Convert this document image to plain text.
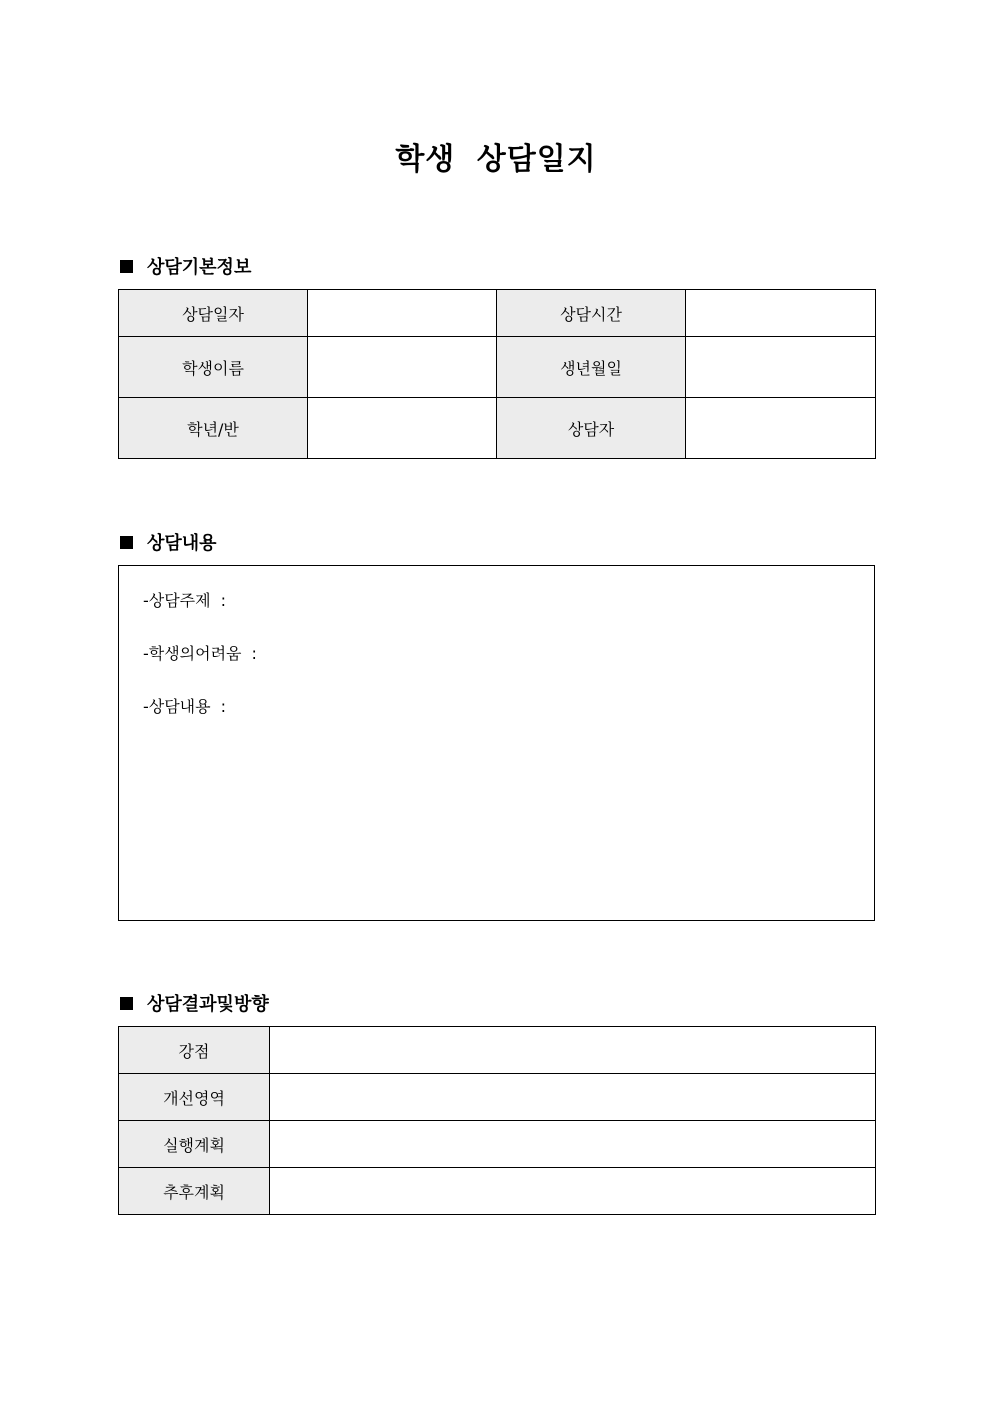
학생 상담일지
상담기본정보
상담일자		상담시간	
학생이름		생년월일	
학년/반		상담자	
상담내용
-상담주제 :
-학생의어려움 :
-상담내용 :
상담결과및방향
강점	
개선영역	
실행계획	
추후계획	
